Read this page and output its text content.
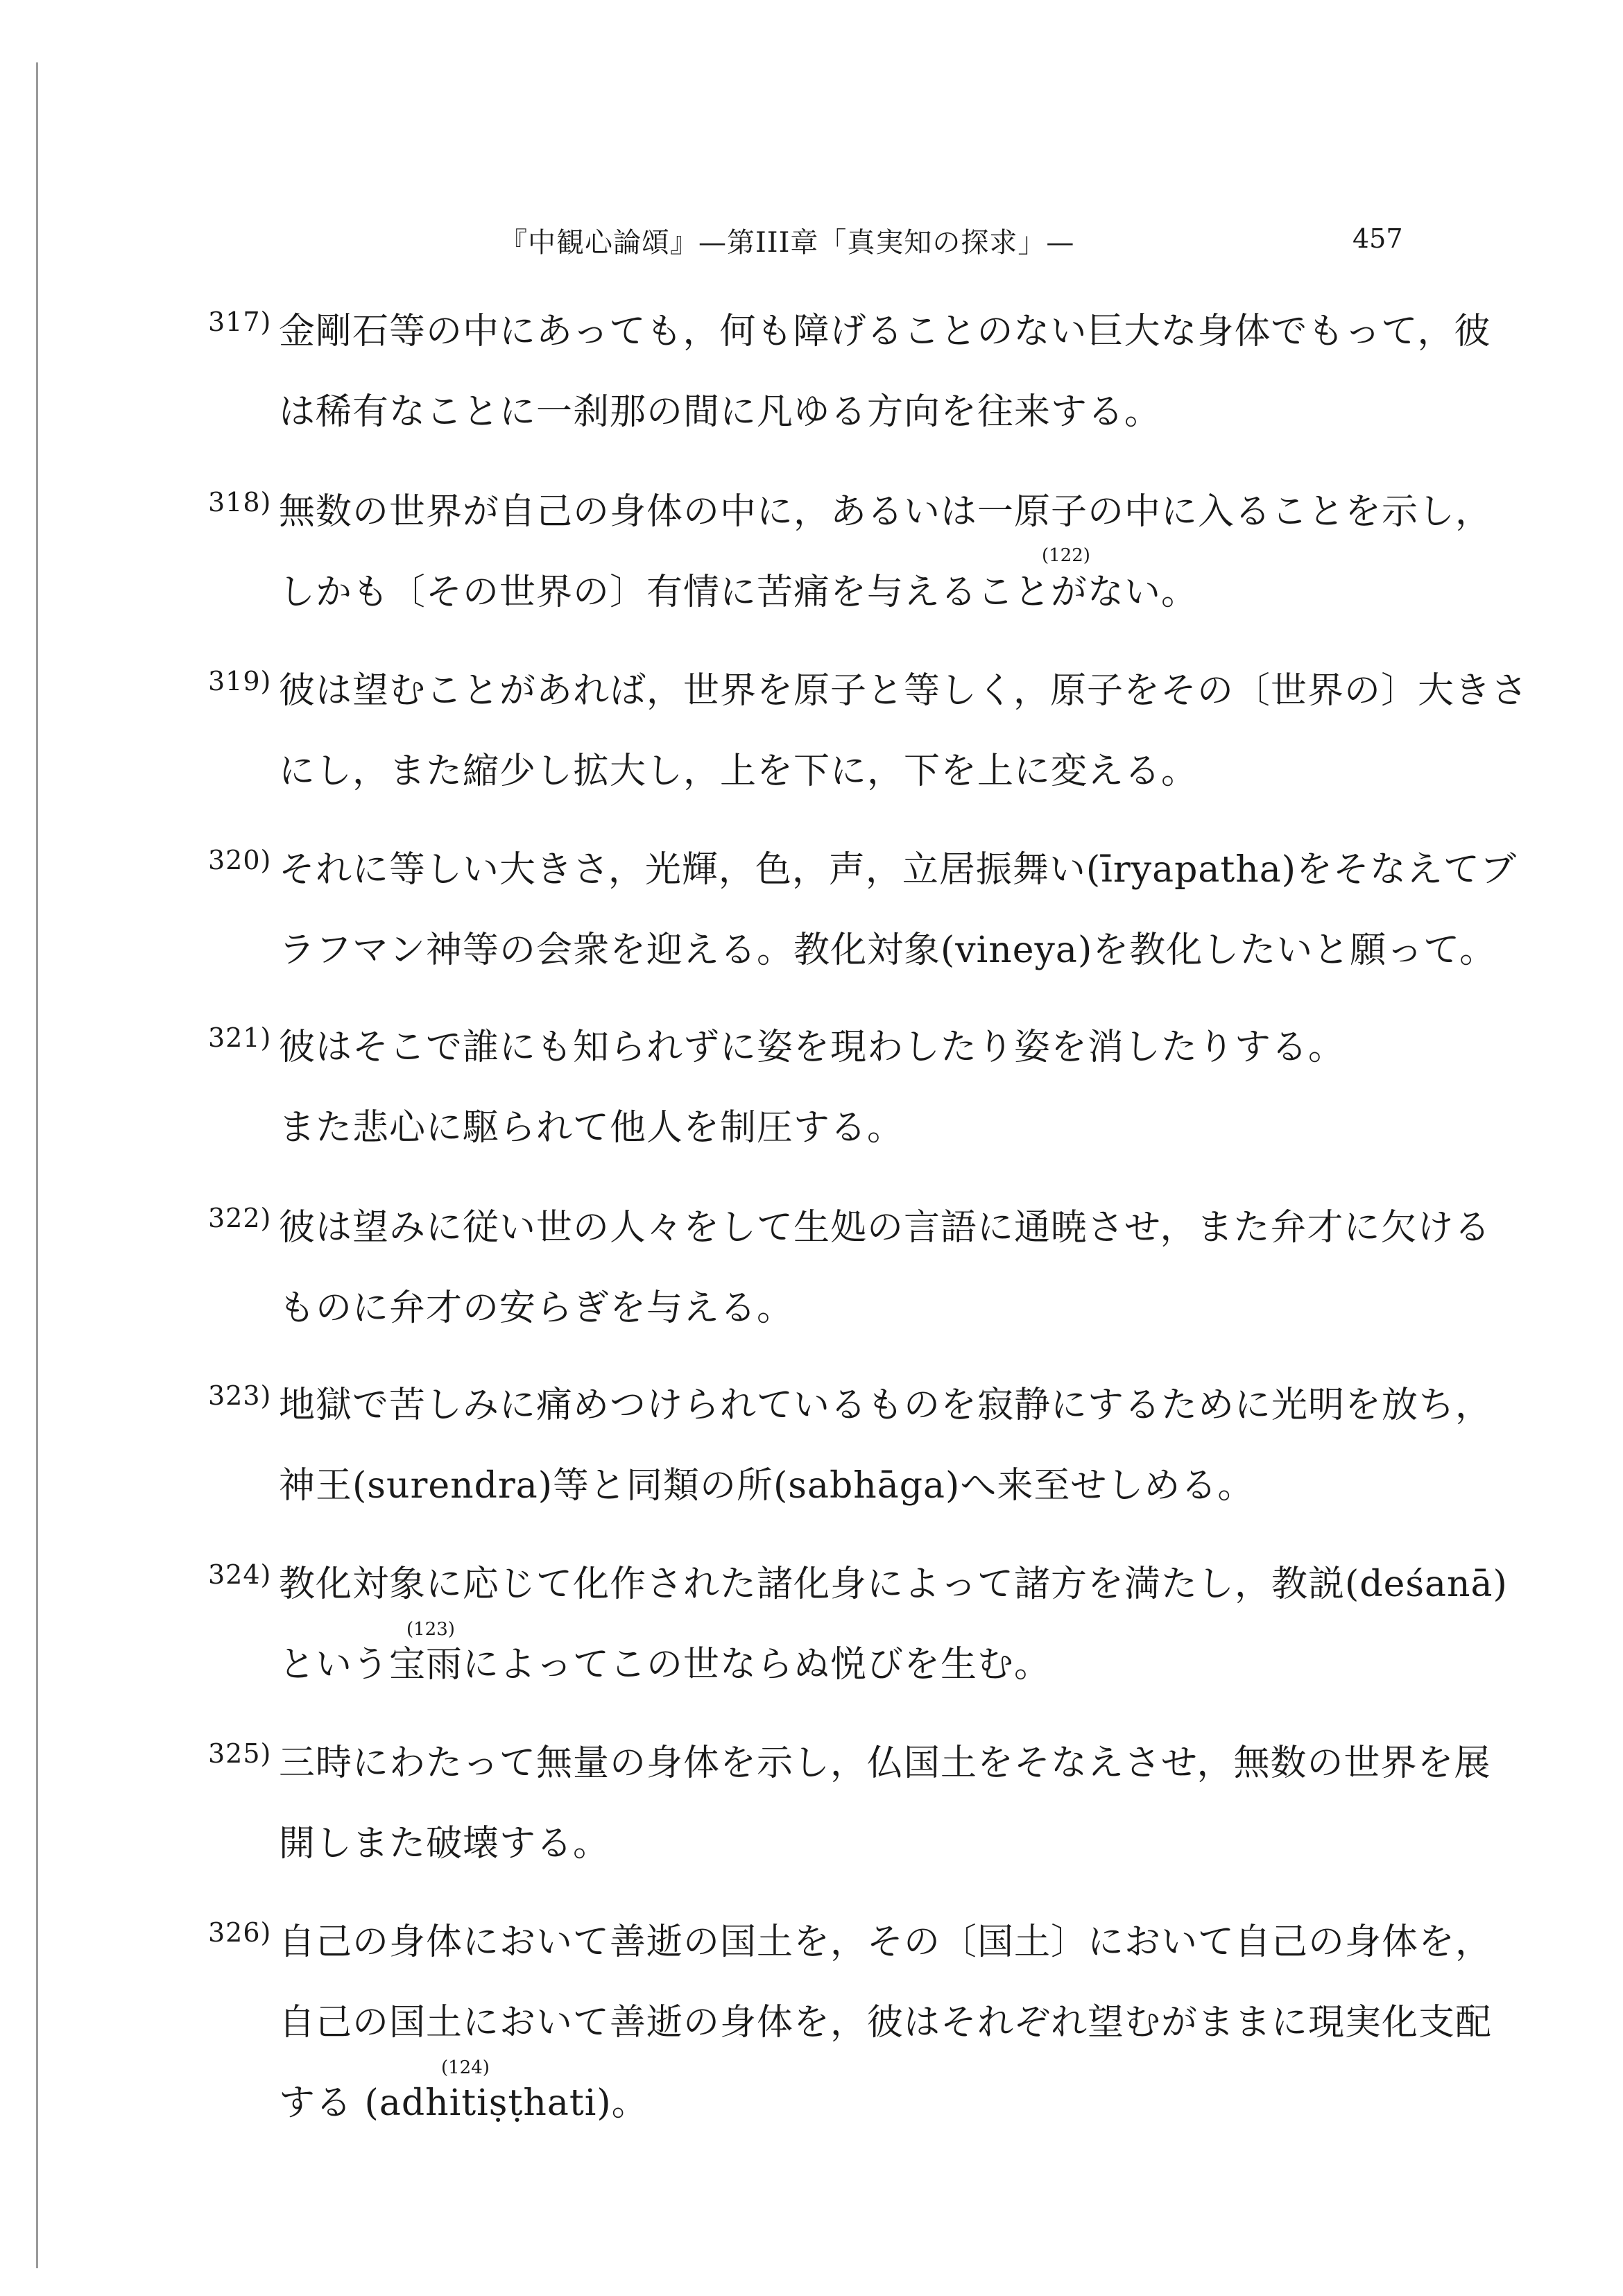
『中観心論頌』—第III章「真実知の探求」—	457
317) 金剛石等の中にあっても，何も障げることのない巨大な身体でもって，彼
は稀有なことに一刹那の間に凡ゆる方向を往来する。
318) 無数の世界が自己の身体の中に，あるいは一原子の中に入ることを示し，
(122)
しかも〔その世界の〕有情に苦痛を与えることがない。
319) 彼は望むことがあれば，世界を原子と等しく，原子をその〔世界の〕大きさ
にし，また縮少し拡大し，上を下に，下を上に変える。
320) それに等しい大きさ，光輝，色，声，立居振舞い(īryapatha)をそなえてブ
ラフマン神等の会衆を迎える。教化対象(vineya)を教化したいと願って。
321) 彼はそこで誰にも知られずに姿を現わしたり姿を消したりする。
また悲心に駆られて他人を制圧する。
322) 彼は望みに従い世の人々をして生処の言語に通暁させ，また弁才に欠ける
ものに弁才の安らぎを与える。
323) 地獄で苦しみに痛めつけられているものを寂静にするために光明を放ち，
神王(surendra)等と同類の所(sabhāga)へ来至せしめる。
324) 教化対象に応じて化作された諸化身によって諸方を満たし，教説(deśanā)
(123)
という宝雨によってこの世ならぬ悦びを生む。
325) 三時にわたって無量の身体を示し，仏国土をそなえさせ，無数の世界を展
開しまた破壊する。
326) 自己の身体において善逝の国土を，その〔国土〕において自己の身体を，
自己の国土において善逝の身体を，彼はそれぞれ望むがままに現実化支配
(124)
する (adhitiṣṭhati)。
